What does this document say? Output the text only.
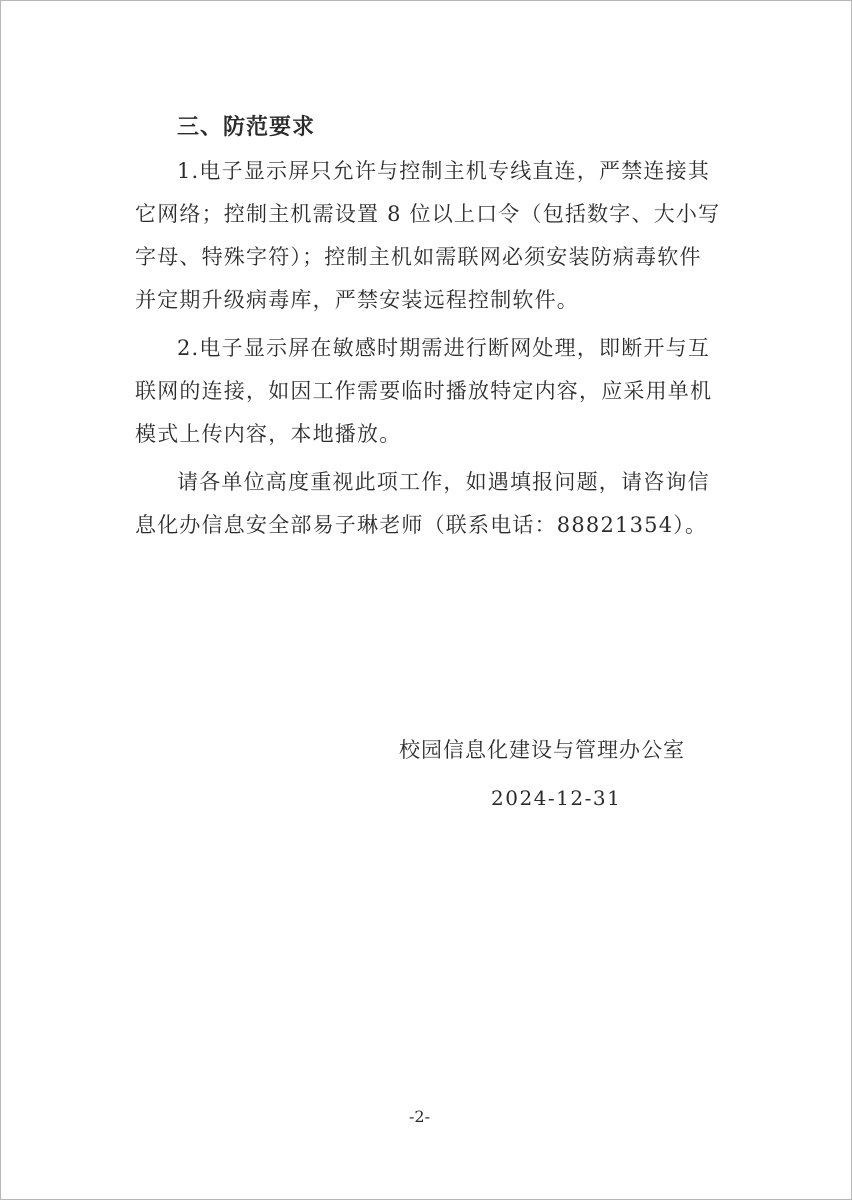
三、防范要求
1.电子显示屏只允许与控制主机专线直连，严禁连接其
它网络；控制主机需设置 8 位以上口令（包括数字、大小写
字母、特殊字符）；控制主机如需联网必须安装防病毒软件
并定期升级病毒库，严禁安装远程控制软件。
2.电子显示屏在敏感时期需进行断网处理，即断开与互
联网的连接，如因工作需要临时播放特定内容，应采用单机
模式上传内容，本地播放。
请各单位高度重视此项工作，如遇填报问题，请咨询信
息化办信息安全部易子琳老师（联系电话：88821354）。
校园信息化建设与管理办公室
2024-12-31
-2-
